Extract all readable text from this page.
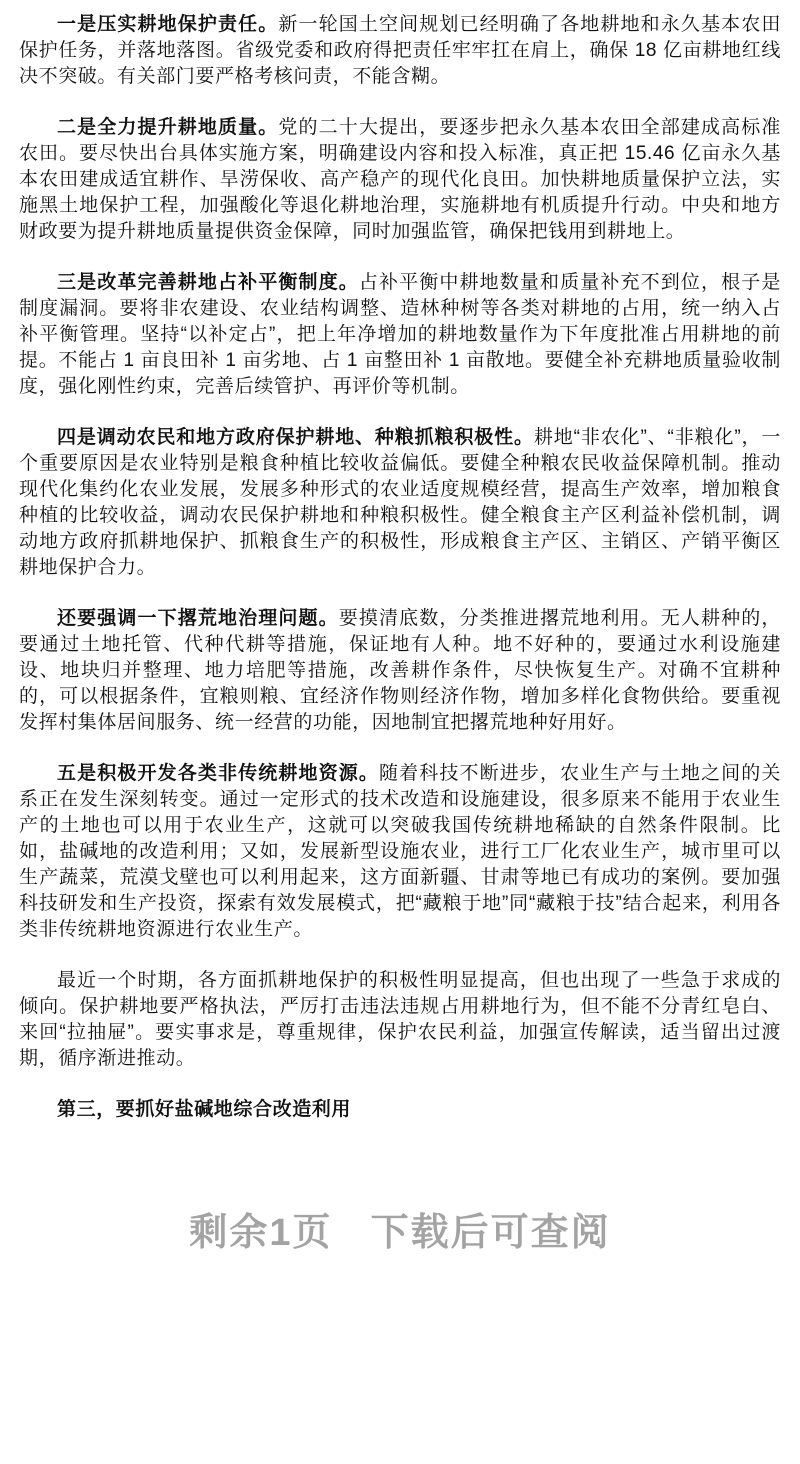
一是压实耕地保护责任。新一轮国土空间规划已经明确了各地耕地和永久基本农田保护任务，并落地落图。省级党委和政府得把责任牢牢扛在肩上，确保 18 亿亩耕地红线决不突破。有关部门要严格考核问责，不能含糊。

二是全力提升耕地质量。党的二十大提出，要逐步把永久基本农田全部建成高标准农田。要尽快出台具体实施方案，明确建设内容和投入标准，真正把 15.46 亿亩永久基本农田建成适宜耕作、旱涝保收、高产稳产的现代化良田。加快耕地质量保护立法，实施黑土地保护工程，加强酸化等退化耕地治理，实施耕地有机质提升行动。中央和地方财政要为提升耕地质量提供资金保障，同时加强监管，确保把钱用到耕地上。

三是改革完善耕地占补平衡制度。占补平衡中耕地数量和质量补充不到位，根子是制度漏洞。要将非农建设、农业结构调整、造林种树等各类对耕地的占用，统一纳入占补平衡管理。坚持“以补定占”，把上年净增加的耕地数量作为下年度批准占用耕地的前提。不能占 1 亩良田补 1 亩劣地、占 1 亩整田补 1 亩散地。要健全补充耕地质量验收制度，强化刚性约束，完善后续管护、再评价等机制。

四是调动农民和地方政府保护耕地、种粮抓粮积极性。耕地“非农化”、“非粮化”，一个重要原因是农业特别是粮食种植比较收益偏低。要健全种粮农民收益保障机制。推动现代化集约化农业发展，发展多种形式的农业适度规模经营，提高生产效率，增加粮食种植的比较收益，调动农民保护耕地和种粮积极性。健全粮食主产区利益补偿机制，调动地方政府抓耕地保护、抓粮食生产的积极性，形成粮食主产区、主销区、产销平衡区耕地保护合力。

还要强调一下撂荒地治理问题。要摸清底数，分类推进撂荒地利用。无人耕种的，要通过土地托管、代种代耕等措施，保证地有人种。地不好种的，要通过水利设施建设、地块归并整理、地力培肥等措施，改善耕作条件，尽快恢复生产。对确不宜耕种的，可以根据条件，宜粮则粮、宜经济作物则经济作物，增加多样化食物供给。要重视发挥村集体居间服务、统一经营的功能，因地制宜把撂荒地种好用好。

五是积极开发各类非传统耕地资源。随着科技不断进步，农业生产与土地之间的关系正在发生深刻转变。通过一定形式的技术改造和设施建设，很多原来不能用于农业生产的土地也可以用于农业生产，这就可以突破我国传统耕地稀缺的自然条件限制。比如，盐碱地的改造利用；又如，发展新型设施农业，进行工厂化农业生产，城市里可以生产蔬菜，荒漠戈壁也可以利用起来，这方面新疆、甘肃等地已有成功的案例。要加强科技研发和生产投资，探索有效发展模式，把“藏粮于地”同“藏粮于技”结合起来，利用各类非传统耕地资源进行农业生产。

最近一个时期，各方面抓耕地保护的积极性明显提高，但也出现了一些急于求成的倾向。保护耕地要严格执法，严厉打击违法违规占用耕地行为，但不能不分青红皂白、来回“拉抽屉”。要实事求是，尊重规律，保护农民利益，加强宣传解读，适当留出过渡期，循序渐进推动。

第三，要抓好盐碱地综合改造利用

剩余1页 下载后可查阅
